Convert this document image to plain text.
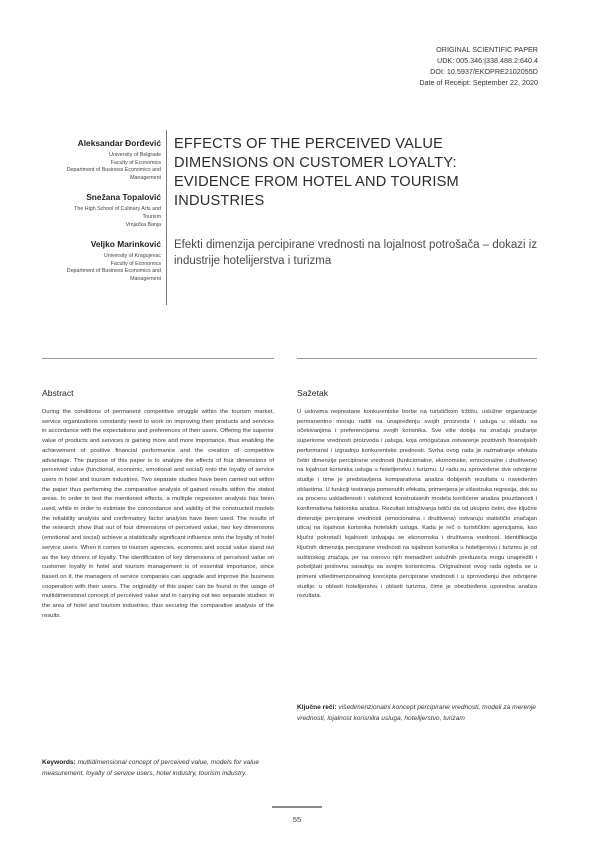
ORIGINAL SCIENTIFIC PAPER
UDK: 005.346:|338.488.2:640.4
DOI: 10.5937/EKOPRE2102055D
Date of Receipt: September 22, 2020
Aleksandar Đorđević
University of Belgrade
Faculty of Economics
Department of Business Economics and
Management
Snežana Topalović
The High School of Culinary Arts and
Tourism
Vrnjačka Banja
Veljko Marinković
University of Kragujevac
Faculty of Economics
Department of Business Economics and
Management
EFFECTS OF THE PERCEIVED VALUE DIMENSIONS ON CUSTOMER LOYALTY: EVIDENCE FROM HOTEL AND TOURISM INDUSTRIES
Efekti dimenzija percipirane vrednosti na lojalnost potrošača – dokazi iz industrije hotelijerstva i turizma
Abstract
During the conditions of permanent competitive struggle within the tourism market, service organizations constantly need to work on improving their products and services in accordance with the expectations and preferences of their users. Offering the superior value of products and services is gaining more and more importance, thus enabling the achievement of positive financial performance and the creation of competitive advantage. The purpose of this paper is to analyze the effects of four dimensions of perceived value (functional, economic, emotional and social) onto the loyalty of service users in hotel and tourism industries. Two separate studies have been carried out within the paper thus performing the comparative analysis of gained results within the stated areas. In order to test the mentioned effects, a multiple regression analysis has been used, while in order to estimate the concordance and validity of the constructed models the reliability analysis and confirmatory factor analysis have been used. The results of the research show that out of four dimensions of perceived value, two key dimensions (emotional and social) achieve a statistically significant influence onto the loyalty of hotel service users. When it comes to tourism agencies, economic and social value stand out as the key drivers of loyalty. The identification of key dimensions of perceived value on customer loyalty in hotel and tourism management is of essential importance, since based on it, the managers of service companies can upgrade and improve the business cooperation with their users. The originality of this paper can be found in the usage of multidimensional concept of perceived value and in carrying out two separate studies: in the area of hotel and tourism industries, thus securing the comparative analysis of the results.
Keywords: multidimensional concept of perceived value, models for value measurement, loyalty of service users, hotel industry, tourism industry.
Sažetak
U uslovima neprestane konkurentske borbe na turističkom tržištu, uslužne organizacije permanentno moraju raditi na unapređenju svojih proizvoda i usluga u skladu sa očekivanjima i preferencijama svojih korisnika. Sve više dobija na značaju pružanje superiorne vrednosti proizvoda i usluga, koja omogućava ostvarenje pozitivnih finansijskih performansi i izgradnju konkurentske prednosti. Svrha ovog rada je razmatranje efekata četiri dimenzije percipirane vrednosti (funkcionalne, ekonomske, emocionalne i društvene) na lojalnost korisnika usluga u hotelijerstvu i turizmu. U radu su sprovedene dve odvojene studije i time je predstavljena komparativna analiza dobijenih rezultata u navedenim oblastima. U funkciji testiranja pomenutih efekata, primenjena je višestruka regresija, dok su za procenu usklađenosti i validnosti konstruisanih modela korišćene analiza pouzdanosti i konfirmativna faktorska analiza. Rezultati istraživanja ističu da od ukupno četiri, dve ključne dimenzije percipirane vrednosti (emocionalna i društvena) ostvaruju statistički značajan uticaj na lojalnost korisnika hotelskih usluga. Kada je reč o turističkim agencijama, kao ključni pokretači lojalnosti izdvajaju se ekonomska i društvena vrednost. Identifikacija ključnih dimenzija percipirane vrednosti na lojalnost korisnika u hotelijerstvu i turizmu je od suštinskog značaja, jer na osnovu njih menadžeri uslužnih preduzeća mogu unaprediti i poboljšati poslovnu saradnju sa svojim korisnicima. Originalnost ovog rada ogleda se u primeni višedimenzionalnog koncepta percipirane vrednosti i u sprovođenju dve odvojene studije: u oblasti hotelijerstvu i oblasti turizma, čime je obezbeđena uporedna analiza rezultata.
Ključne reči: višedimenzionalni koncept percipirane vrednosti, modeli za merenje vrednosti, lojalnost korisnika usluga, hotelijerstvo, turizam
55
